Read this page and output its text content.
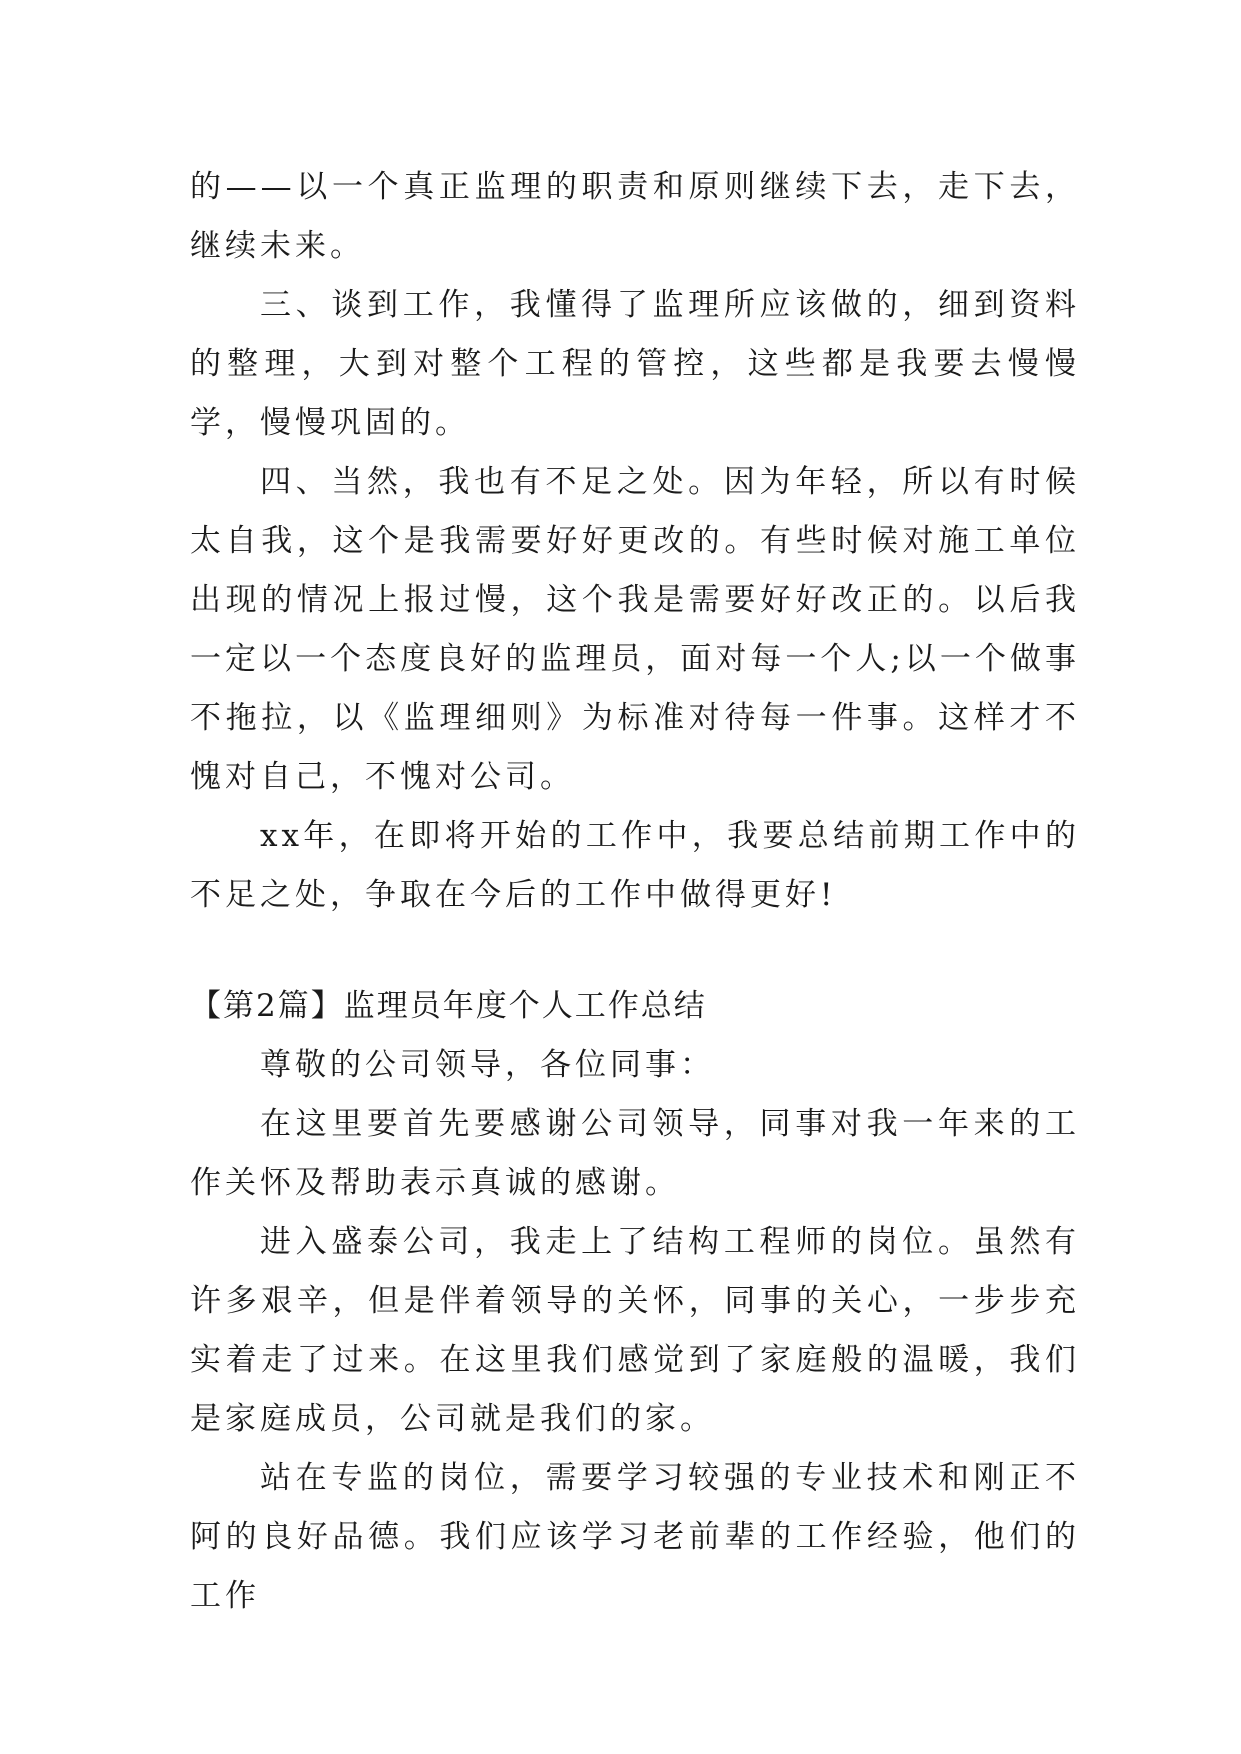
的——以一个真正监理的职责和原则继续下去，走下去，继续未来。

三、谈到工作，我懂得了监理所应该做的，细到资料的整理，大到对整个工程的管控，这些都是我要去慢慢学，慢慢巩固的。

四、当然，我也有不足之处。因为年轻，所以有时候太自我，这个是我需要好好更改的。有些时候对施工单位出现的情况上报过慢，这个我是需要好好改正的。以后我一定以一个态度良好的监理员，面对每一个人;以一个做事不拖拉，以《监理细则》为标准对待每一件事。这样才不愧对自己，不愧对公司。

xx年，在即将开始的工作中，我要总结前期工作中的不足之处，争取在今后的工作中做得更好!

【第2篇】监理员年度个人工作总结

尊敬的公司领导，各位同事：

在这里要首先要感谢公司领导，同事对我一年来的工作关怀及帮助表示真诚的感谢。

进入盛泰公司，我走上了结构工程师的岗位。虽然有许多艰辛，但是伴着领导的关怀，同事的关心，一步步充实着走了过来。在这里我们感觉到了家庭般的温暖，我们是家庭成员，公司就是我们的家。

站在专监的岗位，需要学习较强的专业技术和刚正不阿的良好品德。我们应该学习老前辈的工作经验，他们的工作
